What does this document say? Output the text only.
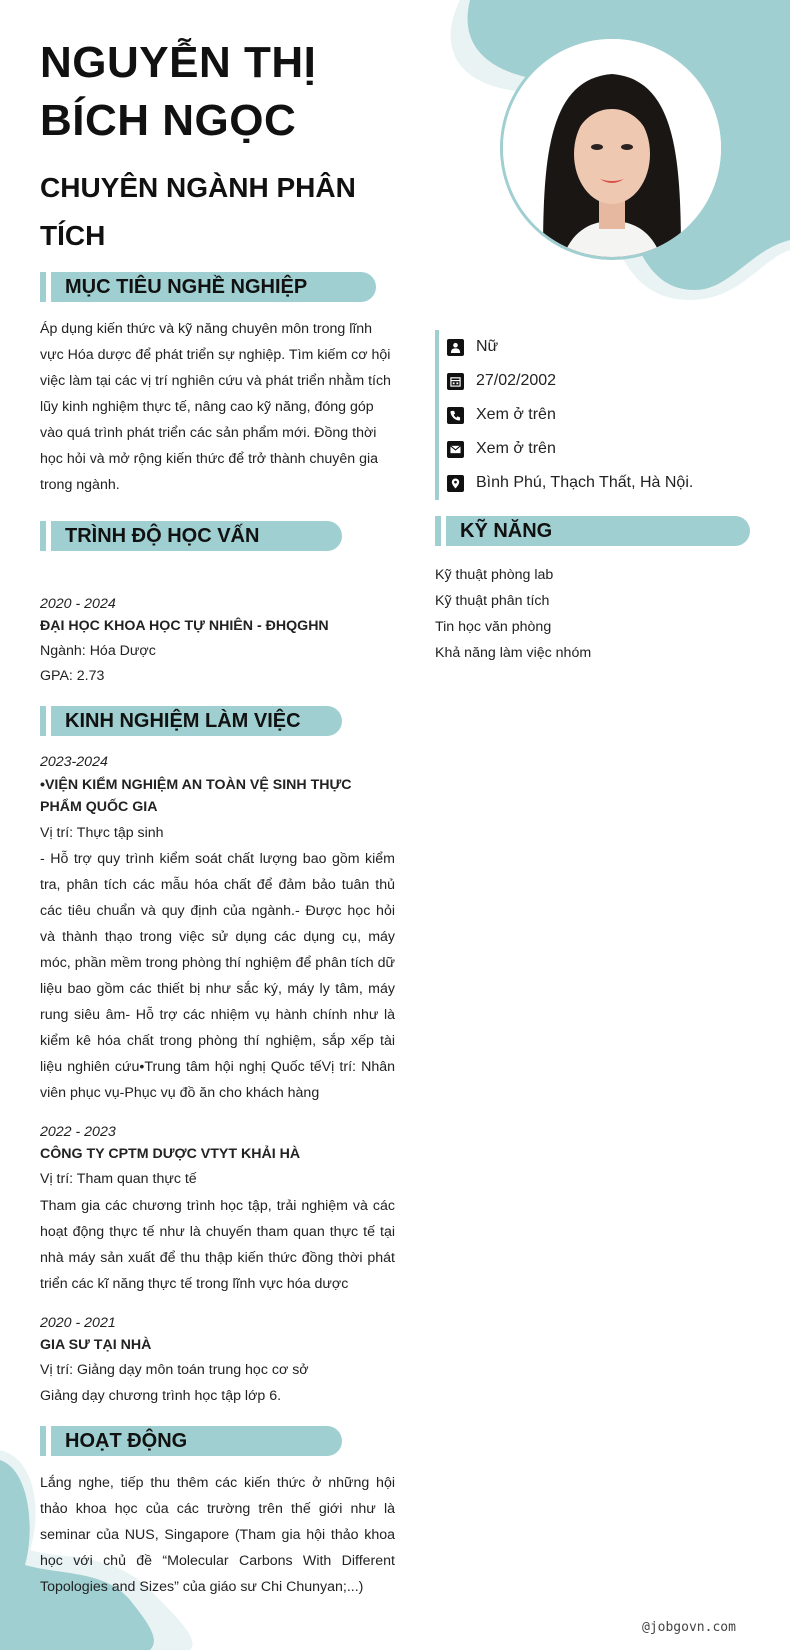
NGUYỄN THỊ
BÍCH NGỌC
CHUYÊN NGÀNH PHÂN
TÍCH
MỤC TIÊU NGHỀ NGHIỆP
Áp dụng kiến thức và kỹ năng chuyên môn trong lĩnh vực Hóa dược để phát triển sự nghiệp. Tìm kiếm cơ hội việc làm tại các vị trí nghiên cứu và phát triển nhằm tích lũy kinh nghiệm thực tế, nâng cao kỹ năng, đóng góp vào quá trình phát triển các sản phẩm mới. Đồng thời học hỏi và mở rộng kiến thức để trở thành chuyên gia trong ngành.
TRÌNH ĐỘ HỌC VẤN
2020 - 2024
ĐẠI HỌC KHOA HỌC TỰ NHIÊN - ĐHQGHN
Ngành: Hóa Dược
GPA: 2.73
KINH NGHIỆM LÀM VIỆC
2023-2024
•VIỆN KIỂM NGHIỆM AN TOÀN VỆ SINH THỰC PHẨM QUỐC GIA
Vị trí: Thực tập sinh
- Hỗ trợ quy trình kiểm soát chất lượng bao gồm kiểm tra, phân tích các mẫu hóa chất để đảm bảo tuân thủ các tiêu chuẩn và quy định của ngành.- Được học hỏi và thành thạo trong việc sử dụng các dụng cụ, máy móc, phần mềm trong phòng thí nghiệm để phân tích dữ liệu bao gồm các thiết bị như sắc ký, máy ly tâm, máy rung siêu âm- Hỗ trợ các nhiệm vụ hành chính như là kiểm kê hóa chất trong phòng thí nghiệm, sắp xếp tài liệu nghiên cứu•Trung tâm hội nghị Quốc tếVị trí: Nhân viên phục vụ-Phục vụ đồ ăn cho khách hàng
2022 - 2023
CÔNG TY CPTM DƯỢC VTYT KHẢI HÀ
Vị trí: Tham quan thực tế
Tham gia các chương trình học tập, trải nghiệm và các hoạt động thực tế như là chuyến tham quan thực tế tại nhà máy sản xuất để thu thập kiến thức đồng thời phát triển các kĩ năng thực tế trong lĩnh vực hóa dược
2020 - 2021
GIA SƯ TẠI NHÀ
Vị trí: Giảng dạy môn toán trung học cơ sở
Giảng dạy chương trình học tập lớp 6.
HOẠT ĐỘNG
Lắng nghe, tiếp thu thêm các kiến thức ở những hội thảo khoa học của các trường trên thế giới như là seminar của NUS, Singapore (Tham gia hội thảo khoa học với chủ đề “Molecular Carbons With Different Topologies and Sizes” của giáo sư Chi Chunyan;...)
Nữ
27/02/2002
Xem ở trên
Xem ở trên
Bình Phú, Thạch Thất, Hà Nội.
KỸ NĂNG
Kỹ thuật phòng lab
Kỹ thuật phân tích
Tin học văn phòng
Khả năng làm việc nhóm
@jobgovn.com
